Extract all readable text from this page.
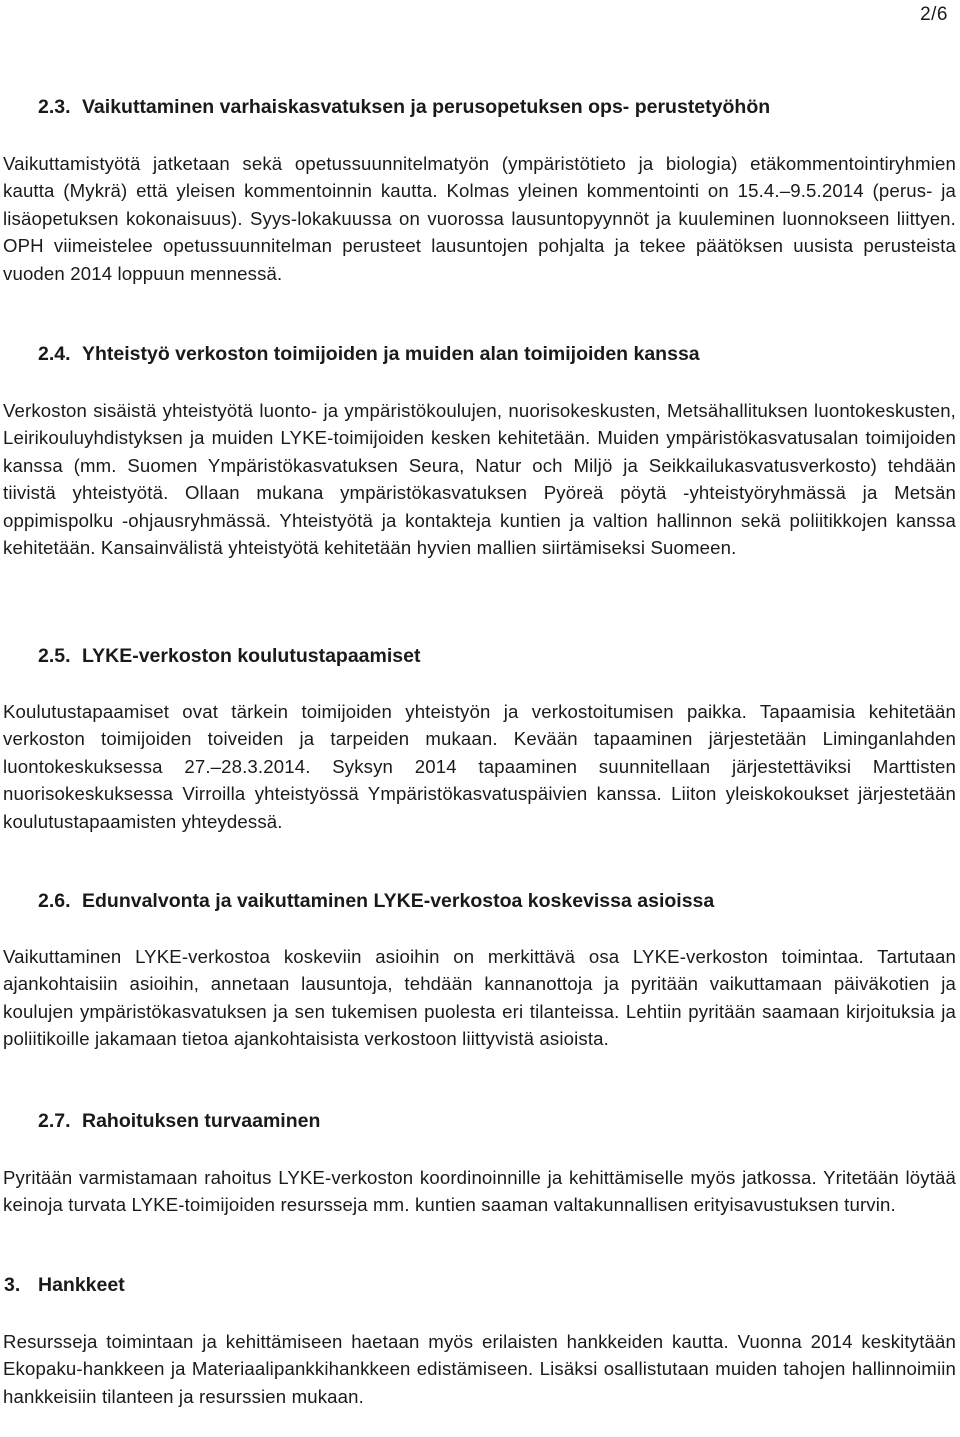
2/6
2.3. Vaikuttaminen varhaiskasvatuksen ja perusopetuksen ops- perustetyöhön
Vaikuttamistyötä jatketaan sekä opetussuunnitelmatyön (ympäristötieto ja biologia) etäkommentointiryhmien kautta (Mykrä) että yleisen kommentoinnin kautta. Kolmas yleinen kommentointi on 15.4.–9.5.2014 (perus- ja lisäopetuksen kokonaisuus). Syys-lokakuussa on vuorossa lausuntopyynnöt ja kuuleminen luonnokseen liittyen. OPH viimeistelee opetussuunnitelman perusteet lausuntojen pohjalta ja tekee päätöksen uusista perusteista vuoden 2014 loppuun mennessä.
2.4. Yhteistyö verkoston toimijoiden ja muiden alan toimijoiden kanssa
Verkoston sisäistä yhteistyötä luonto- ja ympäristökoulujen, nuorisokeskusten, Metsähallituksen luontokeskusten, Leirikouluyhdistyksen ja muiden LYKE-toimijoiden kesken kehitetään. Muiden ympäristökasvatusalan toimijoiden kanssa (mm. Suomen Ympäristökasvatuksen Seura, Natur och Miljö ja Seikkailukasvatusverkosto) tehdään tiivistä yhteistyötä. Ollaan mukana ympäristökasvatuksen Pyöreä pöytä -yhteistyöryhmässä ja Metsän oppimispolku -ohjausryhmässä. Yhteistyötä ja kontakteja kuntien ja valtion hallinnon sekä poliitikkojen kanssa kehitetään. Kansainvälistä yhteistyötä kehitetään hyvien mallien siirtämiseksi Suomeen.
2.5. LYKE-verkoston koulutustapaamiset
Koulutustapaamiset ovat tärkein toimijoiden yhteistyön ja verkostoitumisen paikka. Tapaamisia kehitetään verkoston toimijoiden toiveiden ja tarpeiden mukaan. Kevään tapaaminen järjestetään Liminganlahden luontokeskuksessa 27.–28.3.2014. Syksyn 2014 tapaaminen suunnitellaan järjestettäviksi Marttisten nuorisokeskuksessa Virroilla yhteistyössä Ympäristökasvatuspäivien kanssa. Liiton yleiskokoukset järjestetään koulutustapaamisten yhteydessä.
2.6. Edunvalvonta ja vaikuttaminen LYKE-verkostoa koskevissa asioissa
Vaikuttaminen LYKE-verkostoa koskeviin asioihin on merkittävä osa LYKE-verkoston toimintaa. Tartutaan ajankohtaisiin asioihin, annetaan lausuntoja, tehdään kannanottoja ja pyritään vaikuttamaan päiväkotien ja koulujen ympäristökasvatuksen ja sen tukemisen puolesta eri tilanteissa. Lehtiin pyritään saamaan kirjoituksia ja poliitikoille jakamaan tietoa ajankohtaisista verkostoon liittyvistä asioista.
2.7. Rahoituksen turvaaminen
Pyritään varmistamaan rahoitus LYKE-verkoston koordinoinnille ja kehittämiselle myös jatkossa. Yritetään löytää keinoja turvata LYKE-toimijoiden resursseja mm. kuntien saaman valtakunnallisen erityisavustuksen turvin.
3. Hankkeet
Resursseja toimintaan ja kehittämiseen haetaan myös erilaisten hankkeiden kautta. Vuonna 2014 keskitytään Ekopaku-hankkeen ja Materiaalipankkihankkeen edistämiseen. Lisäksi osallistutaan muiden tahojen hallinnoimiin hankkeisiin tilanteen ja resurssien mukaan.
